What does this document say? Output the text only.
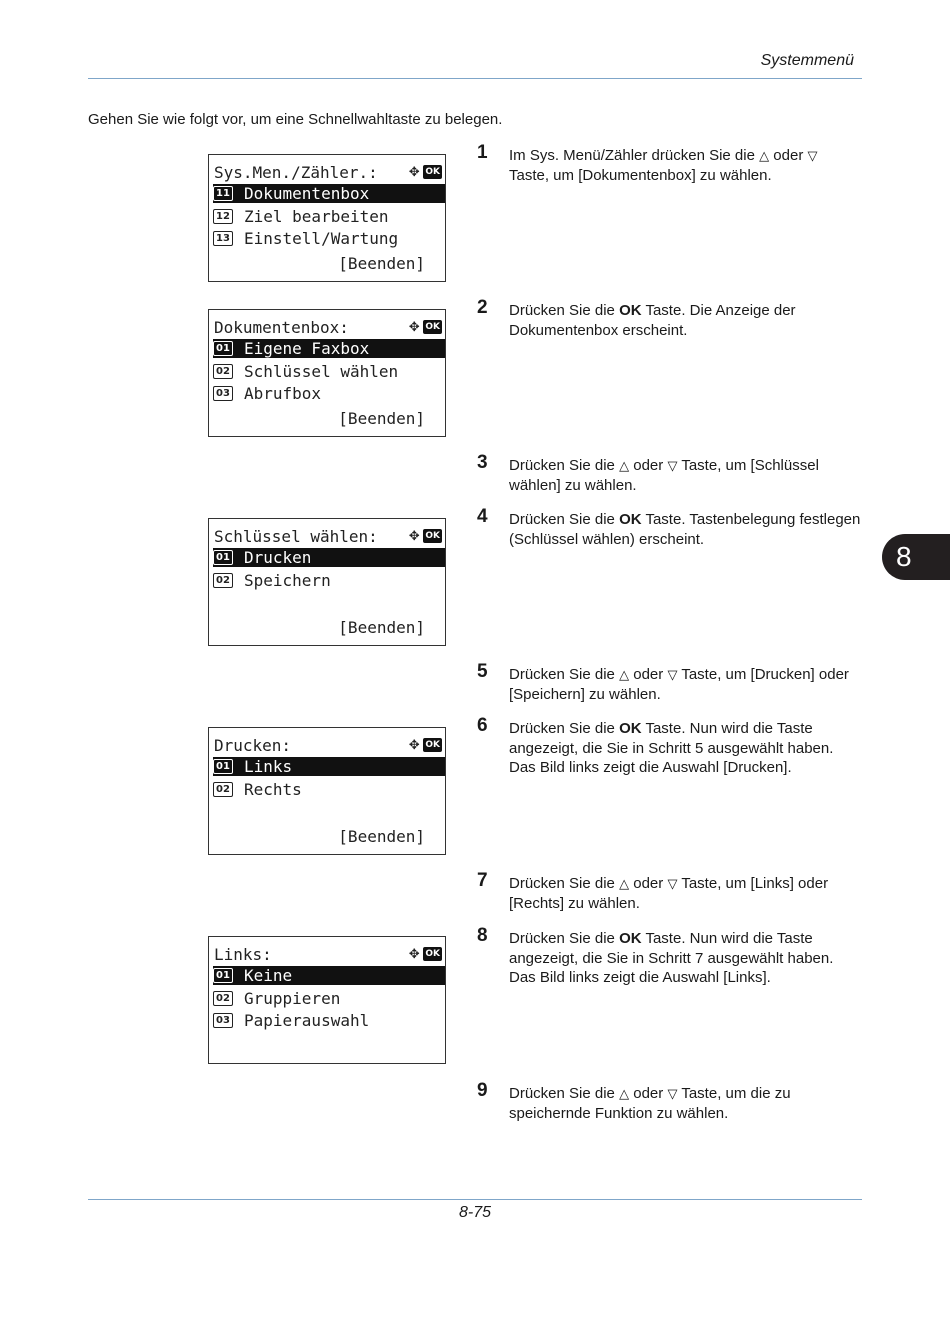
Systemmenü
Gehen Sie wie folgt vor, um eine Schnellwahltaste zu belegen.
8
Sys.Men./Zähler.: ✥ OK
11 Dokumentenbox
12 Ziel bearbeiten
13 Einstell/Wartung
[Beenden]
Dokumentenbox:	✥ OK
01 Eigene Faxbox
02 Schlüssel wählen
03 Abrufbox
[Beenden]
Schlüssel wählen: ✥ OK
01 Drucken
02 Speichern
[Beenden]
Drucken:	✥ OK
01 Links
02 Rechts
[Beenden]
Links:	✥ OK
01 Keine
02 Gruppieren
03 Papierauswahl
1 Im Sys. Menü/Zähler drücken Sie die △ oder ▽ Taste, um [Dokumentenbox] zu wählen.
2 Drücken Sie die OK Taste. Die Anzeige der Dokumentenbox erscheint.
3 Drücken Sie die △ oder ▽ Taste, um [Schlüssel wählen] zu wählen.
4 Drücken Sie die OK Taste. Tastenbelegung festlegen (Schlüssel wählen) erscheint.
5 Drücken Sie die △ oder ▽ Taste, um [Drucken] oder [Speichern] zu wählen.
6 Drücken Sie die OK Taste. Nun wird die Taste angezeigt, die Sie in Schritt 5 ausgewählt haben. Das Bild links zeigt die Auswahl [Drucken].
7 Drücken Sie die △ oder ▽ Taste, um [Links] oder [Rechts] zu wählen.
8 Drücken Sie die OK Taste. Nun wird die Taste angezeigt, die Sie in Schritt 7 ausgewählt haben. Das Bild links zeigt die Auswahl [Links].
9 Drücken Sie die △ oder ▽ Taste, um die zu speichernde Funktion zu wählen.
8-75
